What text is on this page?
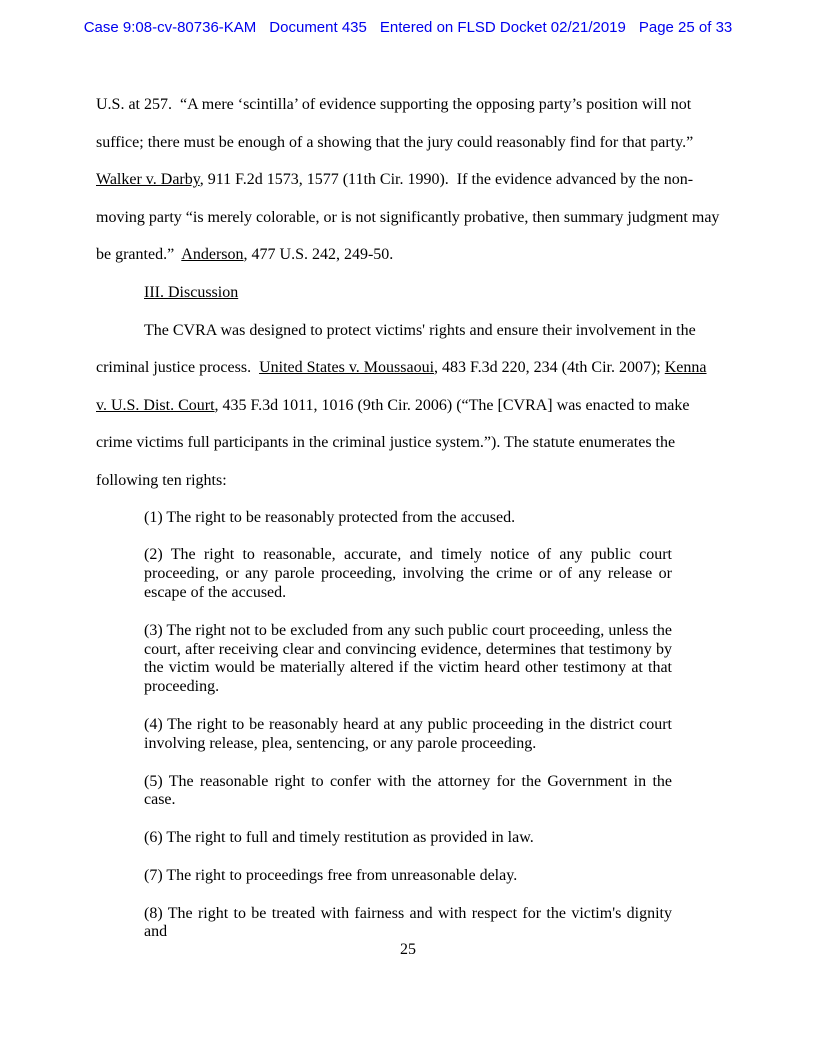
Case 9:08-cv-80736-KAM Document 435 Entered on FLSD Docket 02/21/2019 Page 25 of 33

U.S. at 257.  “A mere ‘scintilla’ of evidence supporting the opposing party’s position will not suffice; there must be enough of a showing that the jury could reasonably find for that party.”  Walker v. Darby, 911 F.2d 1573, 1577 (11th Cir. 1990).  If the evidence advanced by the non-moving party “is merely colorable, or is not significantly probative, then summary judgment may be granted.”  Anderson, 477 U.S. 242, 249-50.

III. Discussion

The CVRA was designed to protect victims' rights and ensure their involvement in the criminal justice process.  United States v. Moussaoui, 483 F.3d 220, 234 (4th Cir. 2007); Kenna v. U.S. Dist. Court, 435 F.3d 1011, 1016 (9th Cir. 2006) (“The [CVRA] was enacted to make crime victims full participants in the criminal justice system.”). The statute enumerates the following ten rights:

(1) The right to be reasonably protected from the accused.

(2) The right to reasonable, accurate, and timely notice of any public court proceeding, or any parole proceeding, involving the crime or of any release or escape of the accused.

(3) The right not to be excluded from any such public court proceeding, unless the court, after receiving clear and convincing evidence, determines that testimony by the victim would be materially altered if the victim heard other testimony at that proceeding.

(4) The right to be reasonably heard at any public proceeding in the district court involving release, plea, sentencing, or any parole proceeding.

(5) The reasonable right to confer with the attorney for the Government in the case.

(6) The right to full and timely restitution as provided in law.

(7) The right to proceedings free from unreasonable delay.

(8) The right to be treated with fairness and with respect for the victim's dignity and

25
